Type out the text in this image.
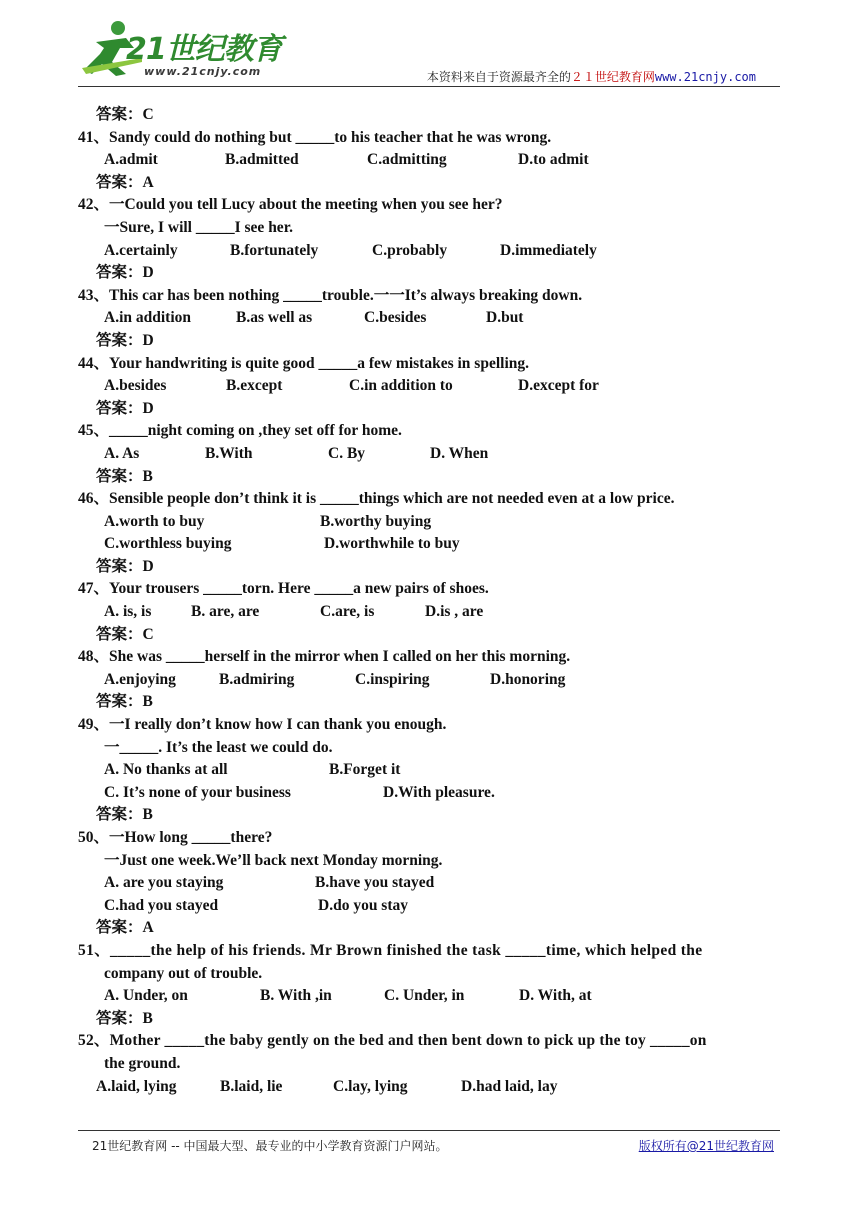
21世纪教育
www.21cnjy.com	本资料来自于资源最齐全的２１世纪教育网www.21cnjy.com
答案：C
41、Sandy could do nothing but _____to his teacher that he was wrong.
A.admit	B.admitted	C.admitting	D.to admit
答案：A
42、一Could you tell Lucy about the meeting when you see her?
一Sure, I will _____I see her.
A.certainly	B.fortunately	C.probably	D.immediately
答案：D
43、This car has been nothing _____trouble.一一It’s always breaking down.
A.in addition	B.as well as	C.besides	D.but
答案：D
44、Your handwriting is quite good _____a few mistakes in spelling.
A.besides	B.except	C.in addition to	D.except for
答案：D
45、_____night coming on ,they set off for home.
A. As	B.With	C. By	D. When
答案：B
46、Sensible people don’t think it is _____things which are not needed even at a low price.
A.worth to buy	B.worthy buying
C.worthless buying	D.worthwhile to buy
答案：D
47、Your trousers _____torn. Here _____a new pairs of shoes.
A. is, is	B. are, are	C.are, is	D.is , are
答案：C
48、She was _____herself in the mirror when I called on her this morning.
A.enjoying	B.admiring	C.inspiring	D.honoring
答案：B
49、一I really don’t know how I can thank you enough.
一_____. It’s the least we could do.
A. No thanks at all	B.Forget it
C. It’s none of your business	D.With pleasure.
答案：B
50、一How long _____there?
一Just one week.We’ll back next Monday morning.
A. are you staying	B.have you stayed
C.had you stayed	D.do you stay
答案：A
51、_____the help of his friends. Mr Brown finished the task _____time, which helped the
company out of trouble.
A. Under, on	B. With ,in	C. Under, in	D. With, at
答案：B
52、Mother _____the baby gently on the bed and then bent down to pick up the toy _____on
the ground.
A.laid, lying	B.laid, lie	C.lay, lying	D.had laid, lay
21世纪教育网 -- 中国最大型、最专业的中小学教育资源门户网站。	版权所有@21世纪教育网
